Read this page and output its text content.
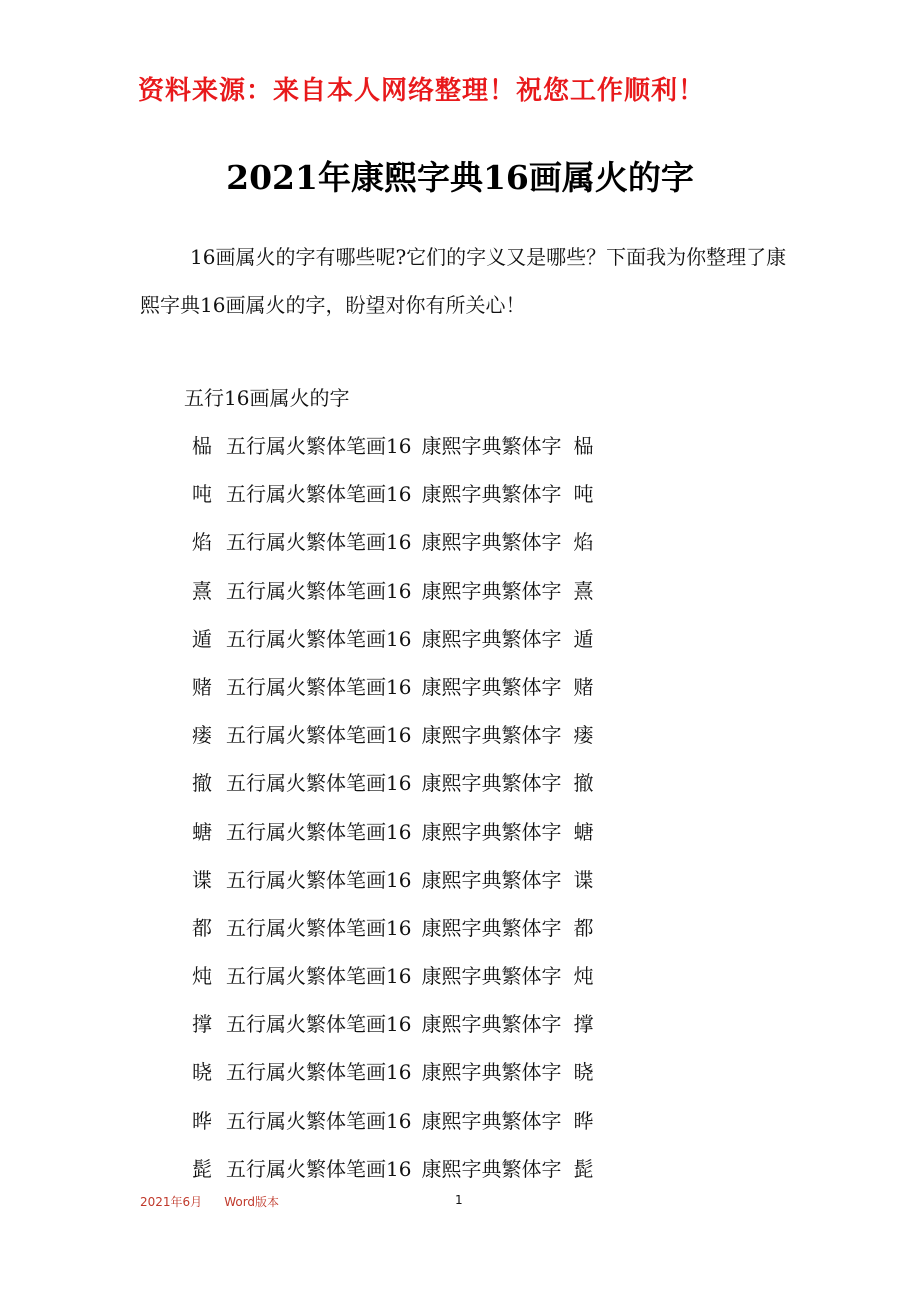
资料来源：来自本人网络整理！祝您工作顺利！
2021年康熙字典16画属火的字

16画属火的字有哪些呢?它们的字义又是哪些？下面我为你整理了康熙字典16画属火的字，盼望对你有所关心！

五行16画属火的字
榀 五行属火繁体笔画16 康熙字典繁体字 榀
吨 五行属火繁体笔画16 康熙字典繁体字 吨
焰 五行属火繁体笔画16 康熙字典繁体字 焰
熹 五行属火繁体笔画16 康熙字典繁体字 熹
遁 五行属火繁体笔画16 康熙字典繁体字 遁
赌 五行属火繁体笔画16 康熙字典繁体字 赌
瘘 五行属火繁体笔画16 康熙字典繁体字 瘘
撤 五行属火繁体笔画16 康熙字典繁体字 撤
螗 五行属火繁体笔画16 康熙字典繁体字 螗
谍 五行属火繁体笔画16 康熙字典繁体字 谍
都 五行属火繁体笔画16 康熙字典繁体字 都
炖 五行属火繁体笔画16 康熙字典繁体字 炖
撑 五行属火繁体笔画16 康熙字典繁体字 撑
晓 五行属火繁体笔画16 康熙字典繁体字 晓
晔 五行属火繁体笔画16 康熙字典繁体字 晔
髭 五行属火繁体笔画16 康熙字典繁体字 髭
2021年6月 Word版本	1
